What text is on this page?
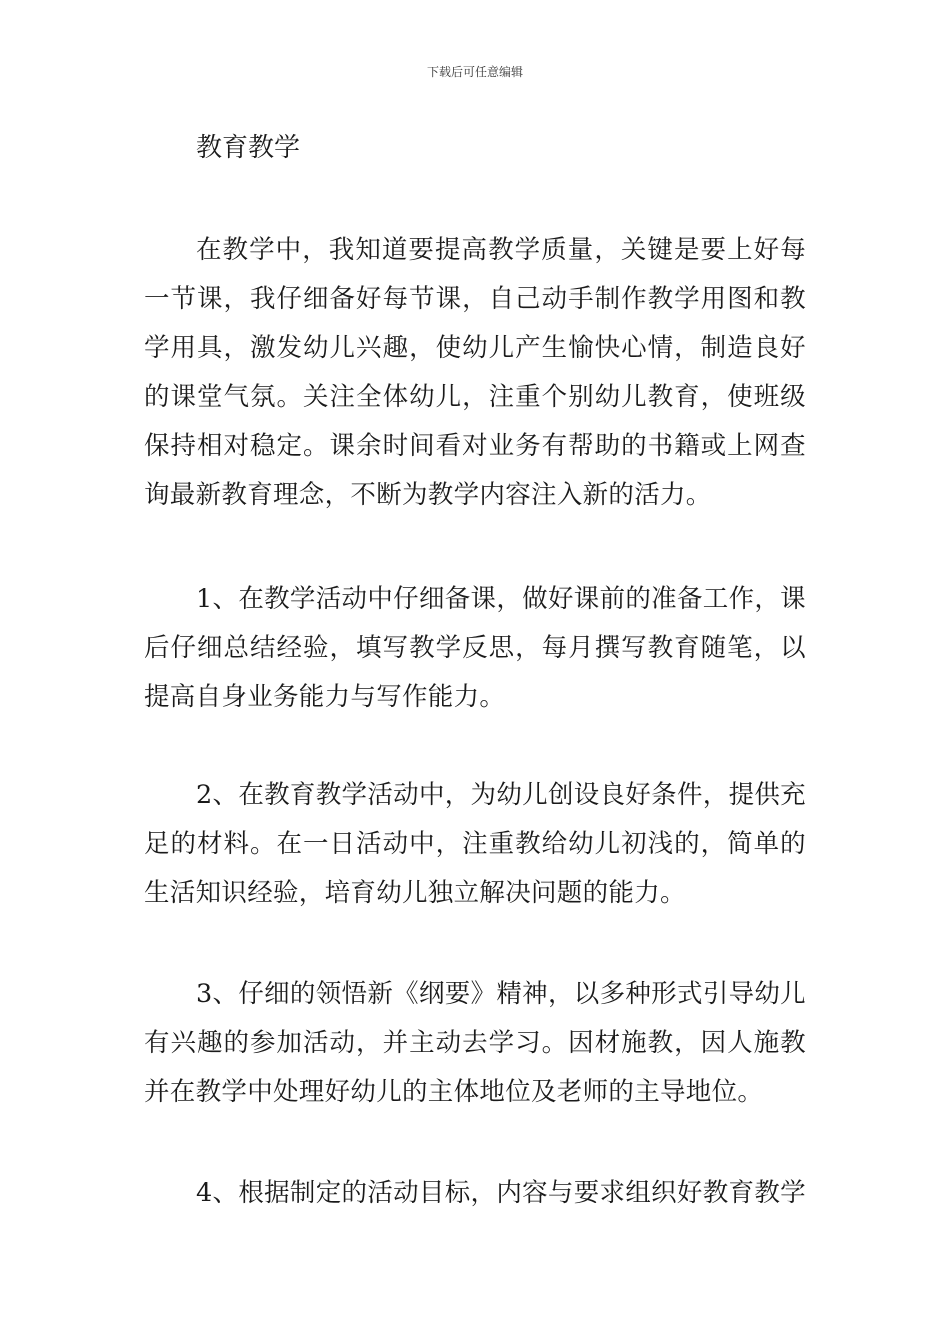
下载后可任意编辑
教育教学

在教学中，我知道要提高教学质量，关键是要上好每一节课，我仔细备好每节课，自己动手制作教学用图和教学用具，激发幼儿兴趣，使幼儿产生愉快心情，制造良好的课堂气氛。关注全体幼儿，注重个别幼儿教育，使班级保持相对稳定。课余时间看对业务有帮助的书籍或上网查询最新教育理念，不断为教学内容注入新的活力。

1、在教学活动中仔细备课，做好课前的准备工作，课后仔细总结经验，填写教学反思，每月撰写教育随笔，以提高自身业务能力与写作能力。

2、在教育教学活动中，为幼儿创设良好条件，提供充足的材料。在一日活动中，注重教给幼儿初浅的，简单的生活知识经验，培育幼儿独立解决问题的能力。

3、仔细的领悟新《纲要》精神，以多种形式引导幼儿有兴趣的参加活动，并主动去学习。因材施教，因人施教并在教学中处理好幼儿的主体地位及老师的主导地位。

4、根据制定的活动目标，内容与要求组织好教育教学
